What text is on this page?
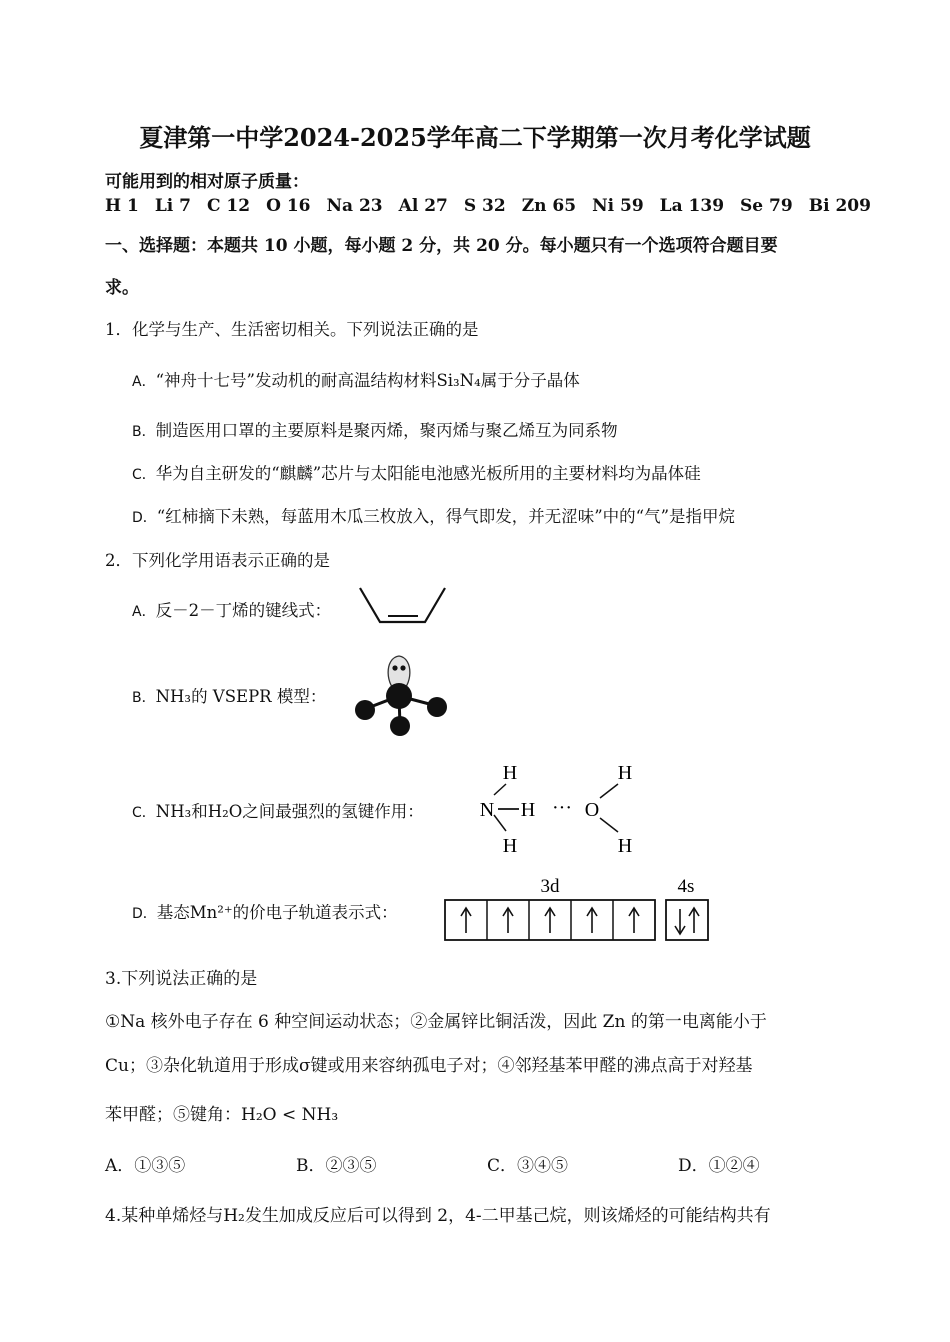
夏津第一中学2024-2025学年高二下学期第一次月考化学试题
可能用到的相对原子质量：
H 1 Li 7 C 12 O 16 Na 23 Al 27 S 32 Zn 65 Ni 59 La 139 Se 79 Bi 209
一、选择题：本题共 10 小题，每小题 2 分，共 20 分。每小题只有一个选项符合题目要
求。
1．化学与生产、生活密切相关。下列说法正确的是
A．“神舟十七号”发动机的耐高温结构材料Si₃N₄属于分子晶体
B．制造医用口罩的主要原料是聚丙烯，聚丙烯与聚乙烯互为同系物
C．华为自主研发的“麒麟”芯片与太阳能电池感光板所用的主要材料均为晶体硅
D．“红柿摘下未熟，每蓝用木瓜三枚放入，得气即发，并无涩味”中的“气”是指甲烷
2．下列化学用语表示正确的是
A．反－2－丁烯的键线式：
B．NH₃的 VSEPR 模型：
C．NH₃和H₂O之间最强烈的氢键作用：
H
N H ··· O
H
H	H
D．基态Mn²⁺的价电子轨道表示式：
3d	4s
3.下列说法正确的是
①Na 核外电子存在 6 种空间运动状态；②金属锌比铜活泼，因此 Zn 的第一电离能小于
Cu；③杂化轨道用于形成σ键或用来容纳孤电子对；④邻羟基苯甲醛的沸点高于对羟基
苯甲醛；⑤键角：H₂O < NH₃
A．①③⑤	B．②③⑤	C．③④⑤	D．①②④
4.某种单烯烃与H₂发生加成反应后可以得到 2，4-二甲基己烷，则该烯烃的可能结构共有
